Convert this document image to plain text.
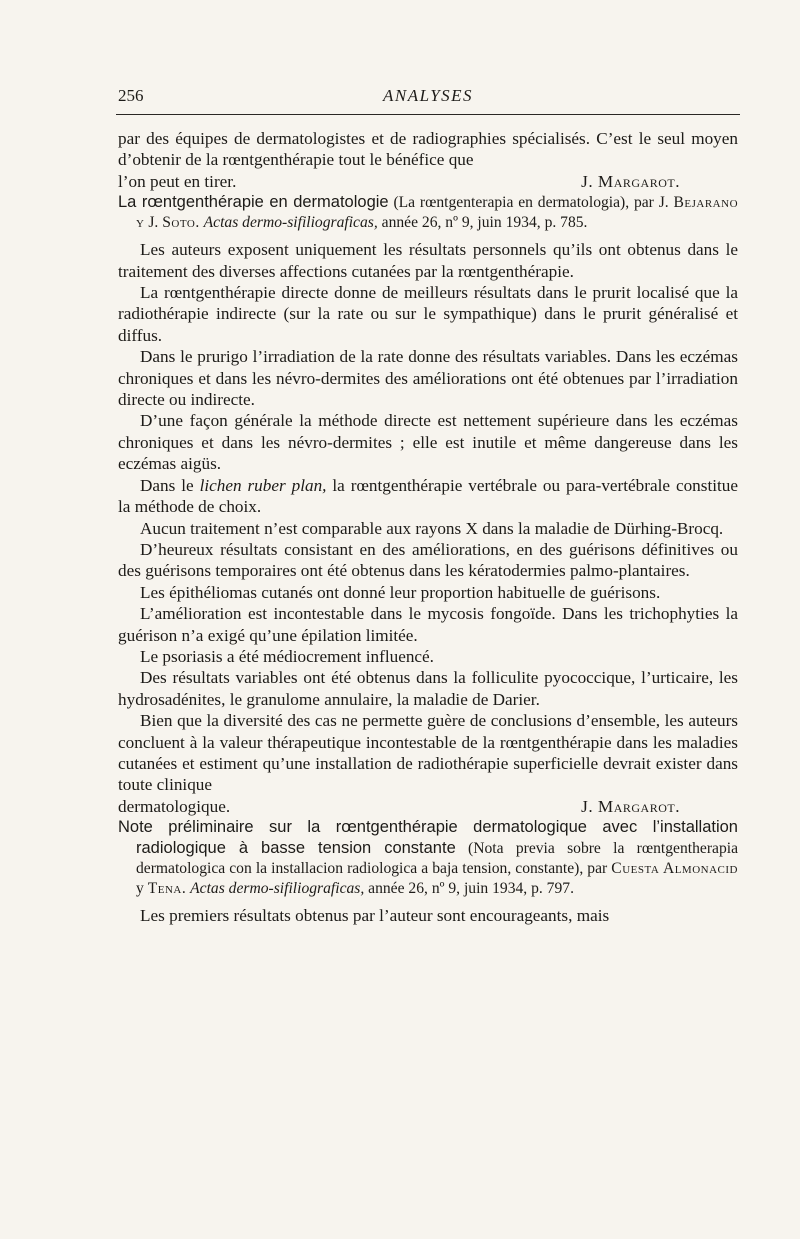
256	ANALYSES

par des équipes de dermatologistes et de radiographies spécialisés. C’est le seul moyen d’obtenir de la rœntgenthérapie tout le bénéfice que

l’on peut en tirer.	J. Margarot.

La rœntgenthérapie en dermatologie (La rœntgenterapia en dermatologia), par J. Bejarano y J. Soto. Actas dermo-sifiliograficas, année 26, nº 9, juin 1934, p. 785.

Les auteurs exposent uniquement les résultats personnels qu’ils ont obtenus dans le traitement des diverses affections cutanées par la rœntgenthérapie.

La rœntgenthérapie directe donne de meilleurs résultats dans le prurit localisé que la radiothérapie indirecte (sur la rate ou sur le sympathique) dans le prurit généralisé et diffus.

Dans le prurigo l’irradiation de la rate donne des résultats variables. Dans les eczémas chroniques et dans les névro-dermites des améliorations ont été obtenues par l’irradiation directe ou indirecte.

D’une façon générale la méthode directe est nettement supérieure dans les eczémas chroniques et dans les névro-dermites ; elle est inutile et même dangereuse dans les eczémas aigüs.

Dans le lichen ruber plan, la rœntgenthérapie vertébrale ou para-vertébrale constitue la méthode de choix.

Aucun traitement n’est comparable aux rayons X dans la maladie de Dürhing-Brocq.

D’heureux résultats consistant en des améliorations, en des guérisons définitives ou des guérisons temporaires ont été obtenus dans les kératodermies palmo-plantaires.

Les épithéliomas cutanés ont donné leur proportion habituelle de guérisons.

L’amélioration est incontestable dans le mycosis fongoïde. Dans les trichophyties la guérison n’a exigé qu’une épilation limitée.

Le psoriasis a été médiocrement influencé.

Des résultats variables ont été obtenus dans la folliculite pyococcique, l’urticaire, les hydrosadénites, le granulome annulaire, la maladie de Darier.

Bien que la diversité des cas ne permette guère de conclusions d’ensemble, les auteurs concluent à la valeur thérapeutique incontestable de la rœntgenthérapie dans les maladies cutanées et estiment qu’une installation de radiothérapie superficielle devrait exister dans toute clinique

dermatologique.	J. Margarot.

Note préliminaire sur la rœntgenthérapie dermatologique avec l’installation radiologique à basse tension constante (Nota previa sobre la rœntgentherapia dermatologica con la installacion radiologica a baja tension, constante), par Cuesta Almonacid y Tena. Actas dermo-sifiliograficas, année 26, nº 9, juin 1934, p. 797.

Les premiers résultats obtenus par l’auteur sont encourageants, mais
